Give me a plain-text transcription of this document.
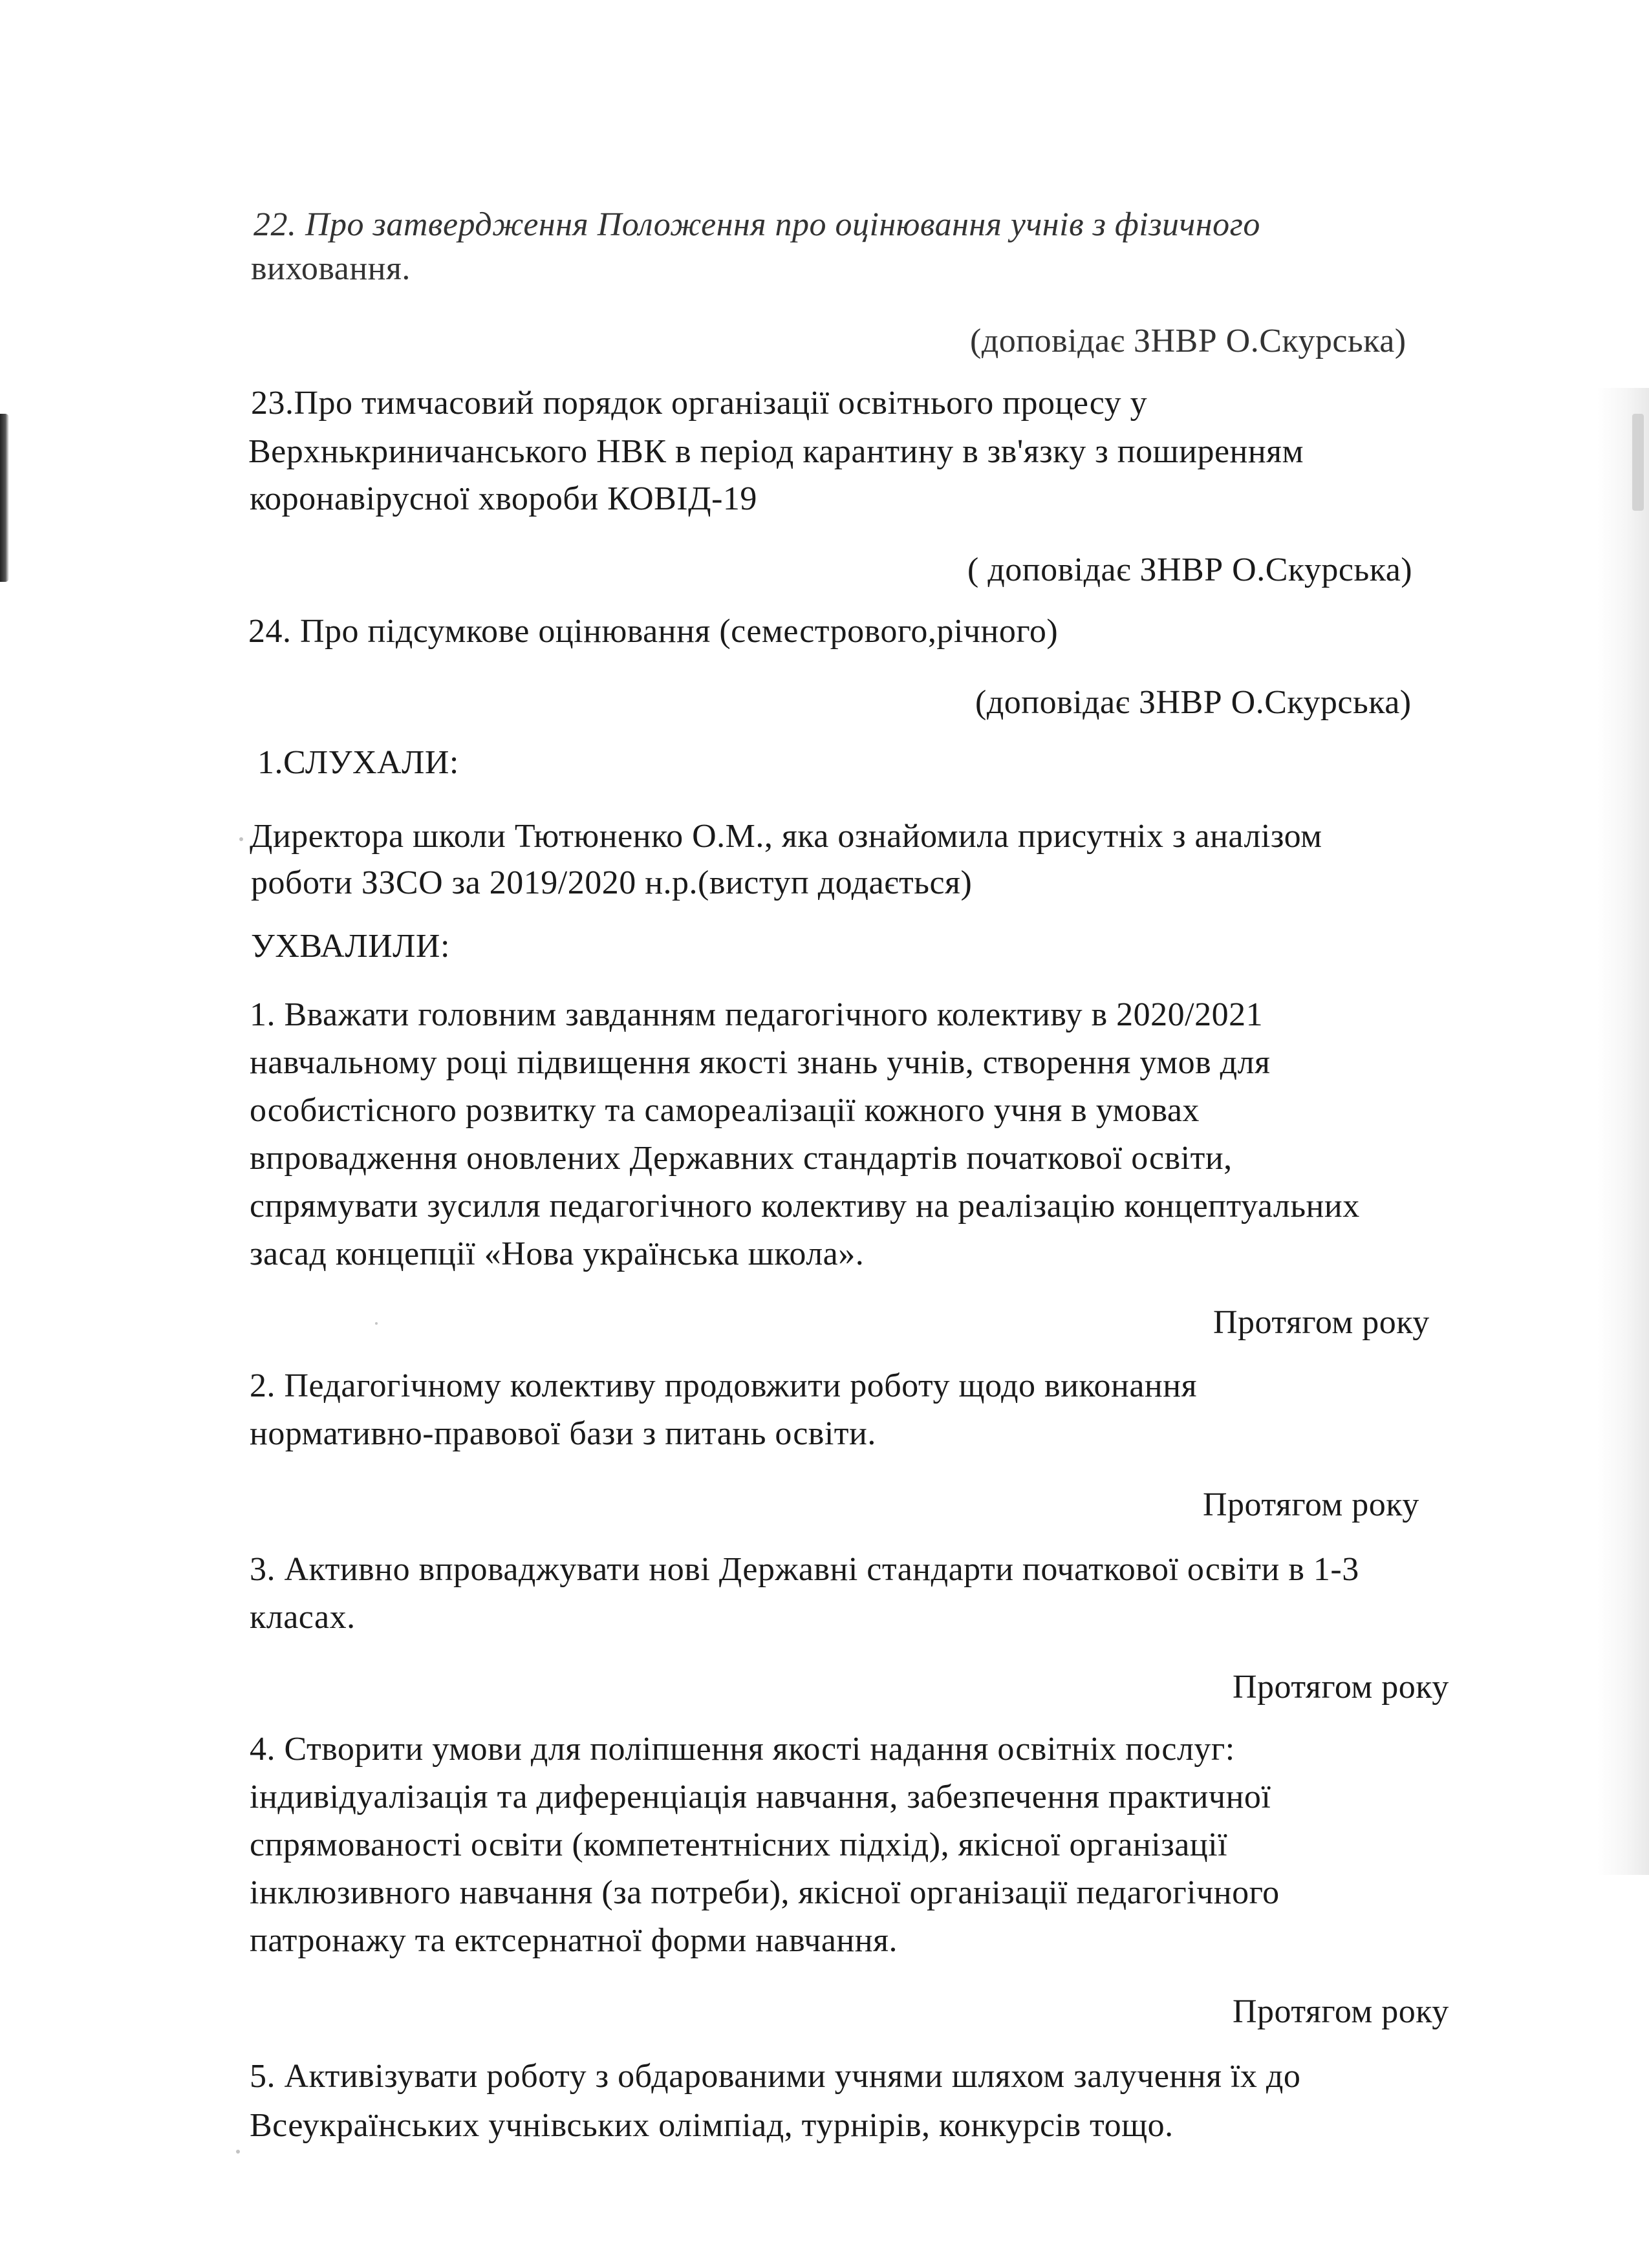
22. Про затвердження Положення про оцінювання учнів з фізичного
виховання.
(доповідає ЗНВР О.Скурська)
23.Про тимчасовий порядок організації освітнього процесу у
Верхнькриничанського НВК в період карантину в зв'язку з поширенням
коронавірусної хвороби КОВІД-19
( доповідає ЗНВР О.Скурська)
24. Про підсумкове оцінювання (семестрового,річного)
(доповідає ЗНВР О.Скурська)
1.СЛУХАЛИ:
Директора школи Тютюненко О.М., яка ознайомила присутніх з аналізом
роботи ЗЗСО за 2019/2020 н.р.(виступ додається)
УХВАЛИЛИ:
1. Вважати головним завданням педагогічного колективу в 2020/2021
навчальному році підвищення якості знань учнів, створення умов для
особистісного розвитку та самореалізації кожного учня в умовах
впровадження оновлених Державних стандартів початкової освіти,
спрямувати зусилля педагогічного колективу на реалізацію концептуальних
засад концепції «Нова українська школа».
Протягом року
2. Педагогічному колективу продовжити роботу щодо виконання
нормативно-правової бази з питань освіти.
Протягом року
3. Активно впроваджувати нові Державні стандарти початкової освіти в 1-3
класах.
Протягом року
4. Створити умови для поліпшення якості надання освітніх послуг:
індивідуалізація та диференціація навчання, забезпечення практичної
спрямованості освіти (компетентнісних підхід), якісної організації
інклюзивного навчання (за потреби), якісної організації педагогічного
патронажу та ектсернатної форми навчання.
Протягом року
5. Активізувати роботу з обдарованими учнями шляхом залучення їх до
Всеукраїнських учнівських олімпіад, турнірів, конкурсів тощо.
